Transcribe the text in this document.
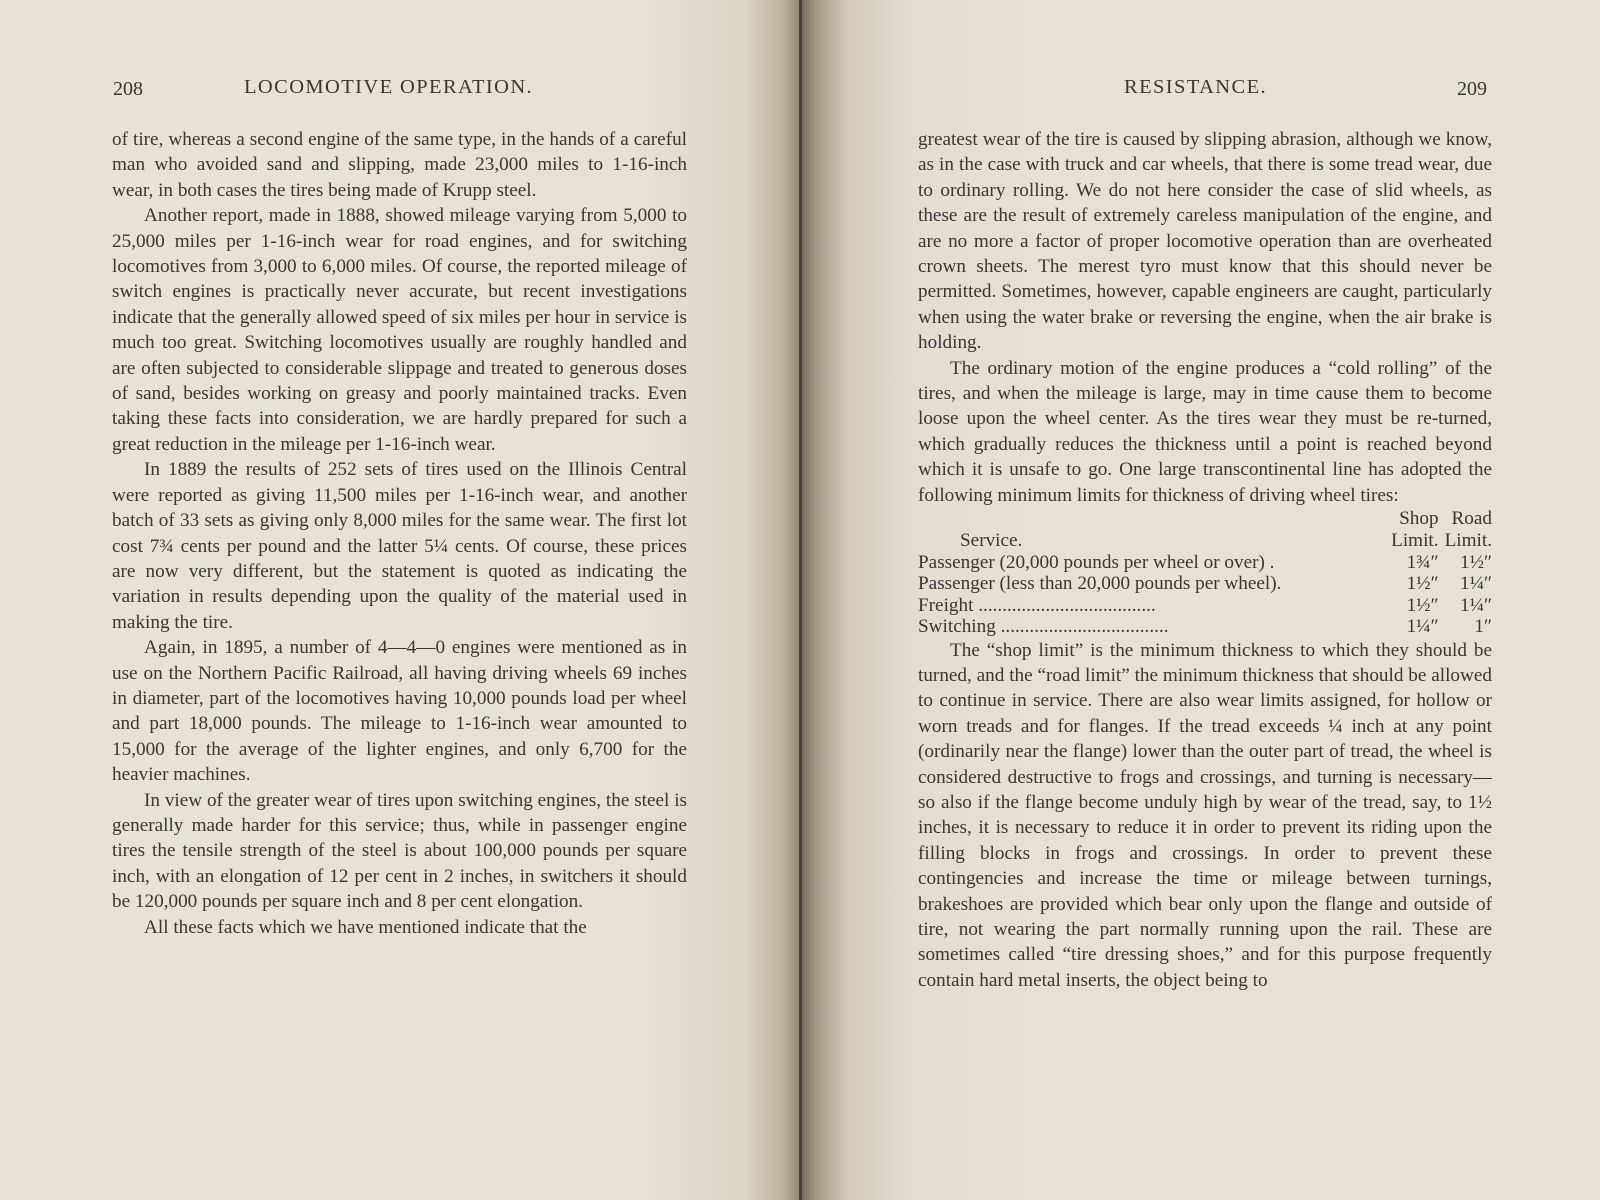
208	LOCOMOTIVE OPERATION.

of tire, whereas a second engine of the same type, in the hands of a careful man who avoided sand and slipping, made 23,000 miles to 1-16-inch wear, in both cases the tires being made of Krupp steel.

Another report, made in 1888, showed mileage varying from 5,000 to 25,000 miles per 1-16-inch wear for road engines, and for switching locomotives from 3,000 to 6,000 miles. Of course, the reported mileage of switch engines is practically never accurate, but recent investigations indicate that the generally allowed speed of six miles per hour in service is much too great. Switching locomotives usually are roughly handled and are often subjected to considerable slippage and treated to generous doses of sand, besides working on greasy and poorly maintained tracks. Even taking these facts into consideration, we are hardly prepared for such a great reduction in the mileage per 1-16-inch wear.

In 1889 the results of 252 sets of tires used on the Illinois Central were reported as giving 11,500 miles per 1-16-inch wear, and another batch of 33 sets as giving only 8,000 miles for the same wear. The first lot cost 7¾ cents per pound and the latter 5¼ cents. Of course, these prices are now very different, but the statement is quoted as indicating the variation in results depending upon the quality of the material used in making the tire.

Again, in 1895, a number of 4—4—0 engines were mentioned as in use on the Northern Pacific Railroad, all having driving wheels 69 inches in diameter, part of the locomotives having 10,000 pounds load per wheel and part 18,000 pounds. The mileage to 1-16-inch wear amounted to 15,000 for the average of the lighter engines, and only 6,700 for the heavier machines.

In view of the greater wear of tires upon switching engines, the steel is generally made harder for this service; thus, while in passenger engine tires the tensile strength of the steel is about 100,000 pounds per square inch, with an elongation of 12 per cent in 2 inches, in switchers it should be 120,000 pounds per square inch and 8 per cent elongation.

All these facts which we have mentioned indicate that the

RESISTANCE.	209

greatest wear of the tire is caused by slipping abrasion, although we know, as in the case with truck and car wheels, that there is some tread wear, due to ordinary rolling. We do not here consider the case of slid wheels, as these are the result of extremely careless manipulation of the engine, and are no more a factor of proper locomotive operation than are overheated crown sheets. The merest tyro must know that this should never be permitted. Sometimes, however, capable engineers are caught, particularly when using the water brake or reversing the engine, when the air brake is holding.

The ordinary motion of the engine produces a “cold rolling” of the tires, and when the mileage is large, may in time cause them to become loose upon the wheel center. As the tires wear they must be re-turned, which gradually reduces the thickness until a point is reached beyond which it is unsafe to go. One large transcontinental line has adopted the following minimum limits for thickness of driving wheel tires:

	Shop	Road
Service.	Limit.	Limit.
Passenger (20,000 pounds per wheel or over) .	1¾″	1½″
Passenger (less than 20,000 pounds per wheel).	1½″	1¼″
Freight .....................................	1½″	1¼″
Switching ...................................	1¼″	1″

The “shop limit” is the minimum thickness to which they should be turned, and the “road limit” the minimum thickness that should be allowed to continue in service. There are also wear limits assigned, for hollow or worn treads and for flanges. If the tread exceeds ¼ inch at any point (ordinarily near the flange) lower than the outer part of tread, the wheel is considered destructive to frogs and crossings, and turning is necessary—so also if the flange become unduly high by wear of the tread, say, to 1½ inches, it is necessary to reduce it in order to prevent its riding upon the filling blocks in frogs and crossings. In order to prevent these contingencies and increase the time or mileage between turnings, brakeshoes are provided which bear only upon the flange and outside of tire, not wearing the part normally running upon the rail. These are sometimes called “tire dressing shoes,” and for this purpose frequently contain hard metal inserts, the object being to
